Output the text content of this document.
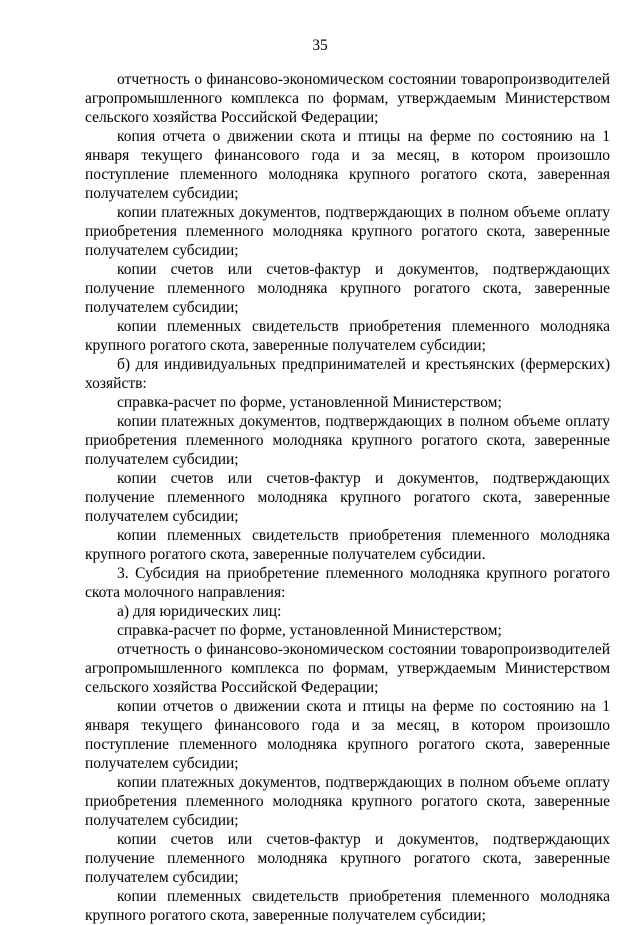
35

отчетность о финансово-экономическом состоянии товаропроизводителей агропромышленного комплекса по формам, утверждаемым Министерством сельского хозяйства Российской Федерации;

копия отчета о движении скота и птицы на ферме по состоянию на 1 января текущего финансового года и за месяц, в котором произошло поступление племенного молодняка крупного рогатого скота, заверенная получателем субсидии;

копии платежных документов, подтверждающих в полном объеме оплату приобретения племенного молодняка крупного рогатого скота, заверенные получателем субсидии;

копии счетов или счетов-фактур и документов, подтверждающих получение племенного молодняка крупного рогатого скота, заверенные получателем субсидии;

копии племенных свидетельств приобретения племенного молодняка крупного рогатого скота, заверенные получателем субсидии;

б) для индивидуальных предпринимателей и крестьянских (фермерских) хозяйств:

справка-расчет по форме, установленной Министерством;

копии платежных документов, подтверждающих в полном объеме оплату приобретения племенного молодняка крупного рогатого скота, заверенные получателем субсидии;

копии счетов или счетов-фактур и документов, подтверждающих получение племенного молодняка крупного рогатого скота, заверенные получателем субсидии;

копии племенных свидетельств приобретения племенного молодняка крупного рогатого скота, заверенные получателем субсидии.

3. Субсидия на приобретение племенного молодняка крупного рогатого скота молочного направления:

а) для юридических лиц:

справка-расчет по форме, установленной Министерством;

отчетность о финансово-экономическом состоянии товаропроизводителей агропромышленного комплекса по формам, утверждаемым Министерством сельского хозяйства Российской Федерации;

копии отчетов о движении скота и птицы на ферме по состоянию на 1 января текущего финансового года и за месяц, в котором произошло поступление племенного молодняка крупного рогатого скота, заверенные получателем субсидии;

копии платежных документов, подтверждающих в полном объеме оплату приобретения племенного молодняка крупного рогатого скота, заверенные получателем субсидии;

копии счетов или счетов-фактур и документов, подтверждающих получение племенного молодняка крупного рогатого скота, заверенные получателем субсидии;

копии племенных свидетельств приобретения племенного молодняка крупного рогатого скота, заверенные получателем субсидии;
